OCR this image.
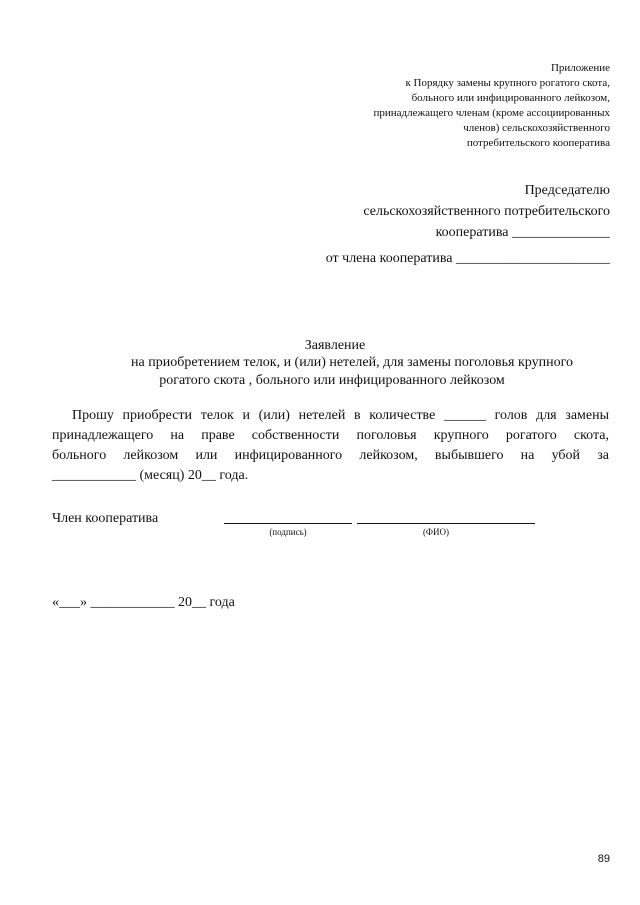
Приложение
к Порядку замены крупного рогатого скота,
больного или инфицированного лейкозом,
принадлежащего членам (кроме ассоциированных
членов) сельскохозяйственного
потребительского кооператива
Председателю
сельскохозяйственного потребительского
кооператива ______________
от члена кооператива ______________________
Заявление
на приобретением телок, и (или) нетелей, для замены поголовья крупного
рогатого скота , больного или инфицированного лейкозом
Прошу приобрести телок и (или) нетелей в количестве ______ голов для замены
принадлежащего на праве собственности поголовья крупного рогатого скота,
больного лейкозом или инфицированного лейкозом, выбывшего на убой за
____________ (месяц) 20__ года.
Член кооператива
(подпись)	(ФИО)
«___» ____________ 20__ года
89
